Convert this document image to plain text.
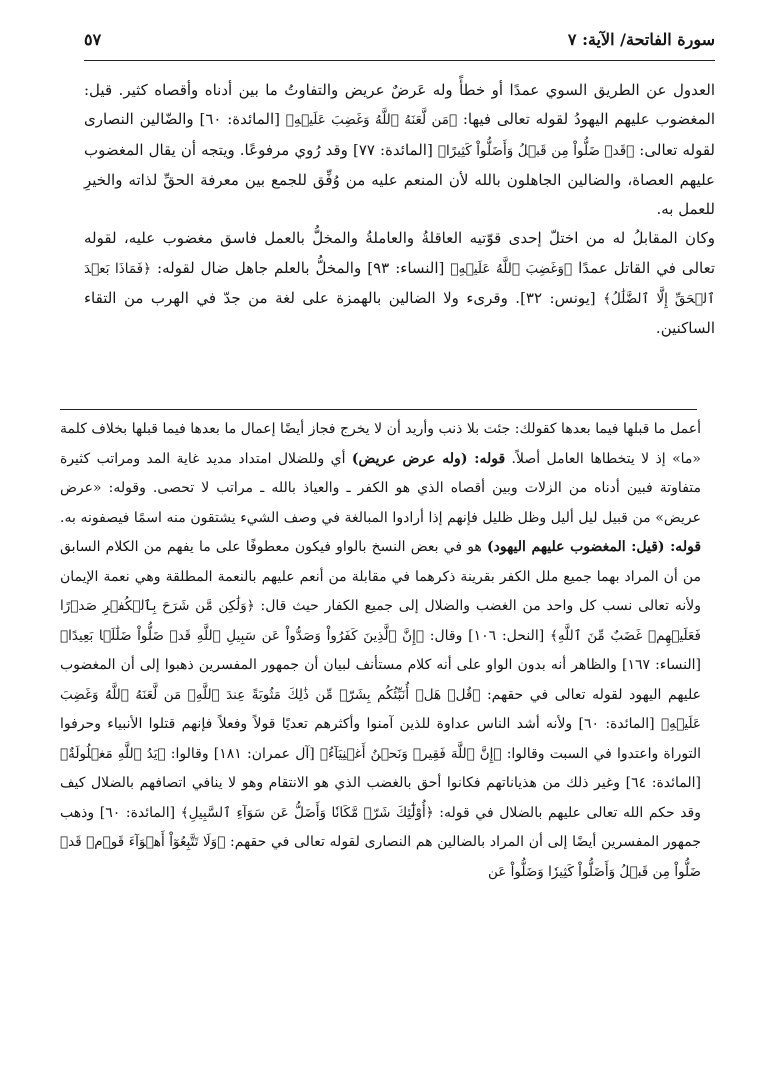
سورة الفاتحة/ الآية: ٧
٥٧

العدول عن الطريق السوي عمدًا أو خطأً وله عَرضٌ عريض والتفاوتُ ما بين أدناه وأقصاه كثير. قيل: المغضوب عليهم اليهودُ لقوله تعالى فيها: ﴿مَن لَّعَنَهُ ٱللَّهُ وَغَضِبَ عَلَيۡهِ﴾ [المائدة: ٦٠] والضّالين النصارى لقوله تعالى: ﴿قَدۡ ضَلُّواْ مِن قَبۡلُ وَأَضَلُّواْ كَثِيرًا﴾ [المائدة: ٧٧] وقد رُوي مرفوعًا. ويتجه أن يقال المغضوب عليهم العصاة، والضالين الجاهلون بالله لأن المنعم عليه من وُفِّق للجمع بين معرفة الحقِّ لذاته والخيرِ للعمل به.

وكان المقابلُ له من اختلّ إحدى قوّتيه العاقلةُ والعاملةُ والمخلُّ بالعمل فاسق مغضوب عليه، لقوله تعالى في القاتل عمدًا ﴿وَغَضِبَ ٱللَّهُ عَلَيۡهِ﴾ [النساء: ٩٣] والمخلُّ بالعلم جاهل ضال لقوله: ﴿فَمَاذَا بَعۡدَ ٱلۡحَقِّ إِلَّا ٱلضَّلَٰلُ﴾ [يونس: ٣٢]. وقرىء ولا الضالين بالهمزة على لغة من جدّ في الهرب من التقاء الساكنين.

أعمل ما قبلها فيما بعدها كقولك: جئت بلا ذنب وأريد أن لا يخرج فجاز أيضًا إعمال ما بعدها فيما قبلها بخلاف كلمة «ما» إذ لا يتخطاها العامل أصلاً. قوله: (وله عرض عريض) أي وللضلال امتداد مديد غاية المد ومراتب كثيرة متفاوتة فبين أدناه من الزلات وبين أقصاه الذي هو الكفر ـ والعياذ بالله ـ مراتب لا تحصى. وقوله: «عرض عريض» من قبيل ليل أليل وظل ظليل فإنهم إذا أرادوا المبالغة في وصف الشيء يشتقون منه اسمًا فيصفونه به. قوله: (قيل: المغضوب عليهم اليهود) هو في بعض النسخ بالواو فيكون معطوفًا على ما يفهم من الكلام السابق من أن المراد بهما جميع ملل الكفر بقرينة ذكرهما في مقابلة من أنعم عليهم بالنعمة المطلقة وهي نعمة الإيمان ولأنه تعالى نسب كل واحد من الغضب والضلال إلى جميع الكفار حيث قال: ﴿وَلَٰكِن مَّن شَرَحَ بِٱلۡكُفۡرِ صَدۡرًا فَعَلَيۡهِمۡ غَضَبٌ مِّنَ ٱللَّهِ﴾ [النحل: ١٠٦] وقال: ﴿إِنَّ ٱلَّذِينَ كَفَرُواْ وَصَدُّواْ عَن سَبِيلِ ٱللَّهِ قَدۡ ضَلُّواْ ضَلَٰلَۢا بَعِيدًا﴾ [النساء: ١٦٧] والظاهر أنه بدون الواو على أنه كلام مستأنف لبيان أن جمهور المفسرين ذهبوا إلى أن المغضوب عليهم اليهود لقوله تعالى في حقهم: ﴿قُلۡ هَلۡ أُنَبِّئُكُم بِشَرّٖ مِّن ذَٰلِكَ مَثُوبَةً عِندَ ٱللَّهِۚ مَن لَّعَنَهُ ٱللَّهُ وَغَضِبَ عَلَيۡهِ﴾ [المائدة: ٦٠] ولأنه أشد الناس عداوة للذين آمنوا وأكثرهم تعديًا قولاً وفعلاً فإنهم قتلوا الأنبياء وحرفوا التوراة واعتدوا في السبت وقالوا: ﴿إِنَّ ٱللَّهَ فَقِيرٞ وَنَحۡنُ أَغۡنِيَآءُ﴾ [آل عمران: ١٨١] وقالوا: ﴿يَدُ ٱللَّهِ مَغۡلُولَةٌ﴾ [المائدة: ٦٤] وغير ذلك من هذياناتهم فكانوا أحق بالغضب الذي هو الانتقام وهو لا ينافي اتصافهم بالضلال كيف وقد حكم الله تعالى عليهم بالضلال في قوله: ﴿أُوْلَٰٓئِكَ شَرّٞ مَّكَانٗا وَأَضَلُّ عَن سَوَآءِ ٱلسَّبِيلِ﴾ [المائدة: ٦٠] وذهب جمهور المفسرين أيضًا إلى أن المراد بالضالين هم النصارى لقوله تعالى في حقهم: ﴿وَلَا تَتَّبِعُوٓاْ أَهۡوَآءَ قَوۡمٖ قَدۡ ضَلُّواْ مِن قَبۡلُ وَأَضَلُّواْ كَثِيرٗا وَضَلُّواْ عَن
